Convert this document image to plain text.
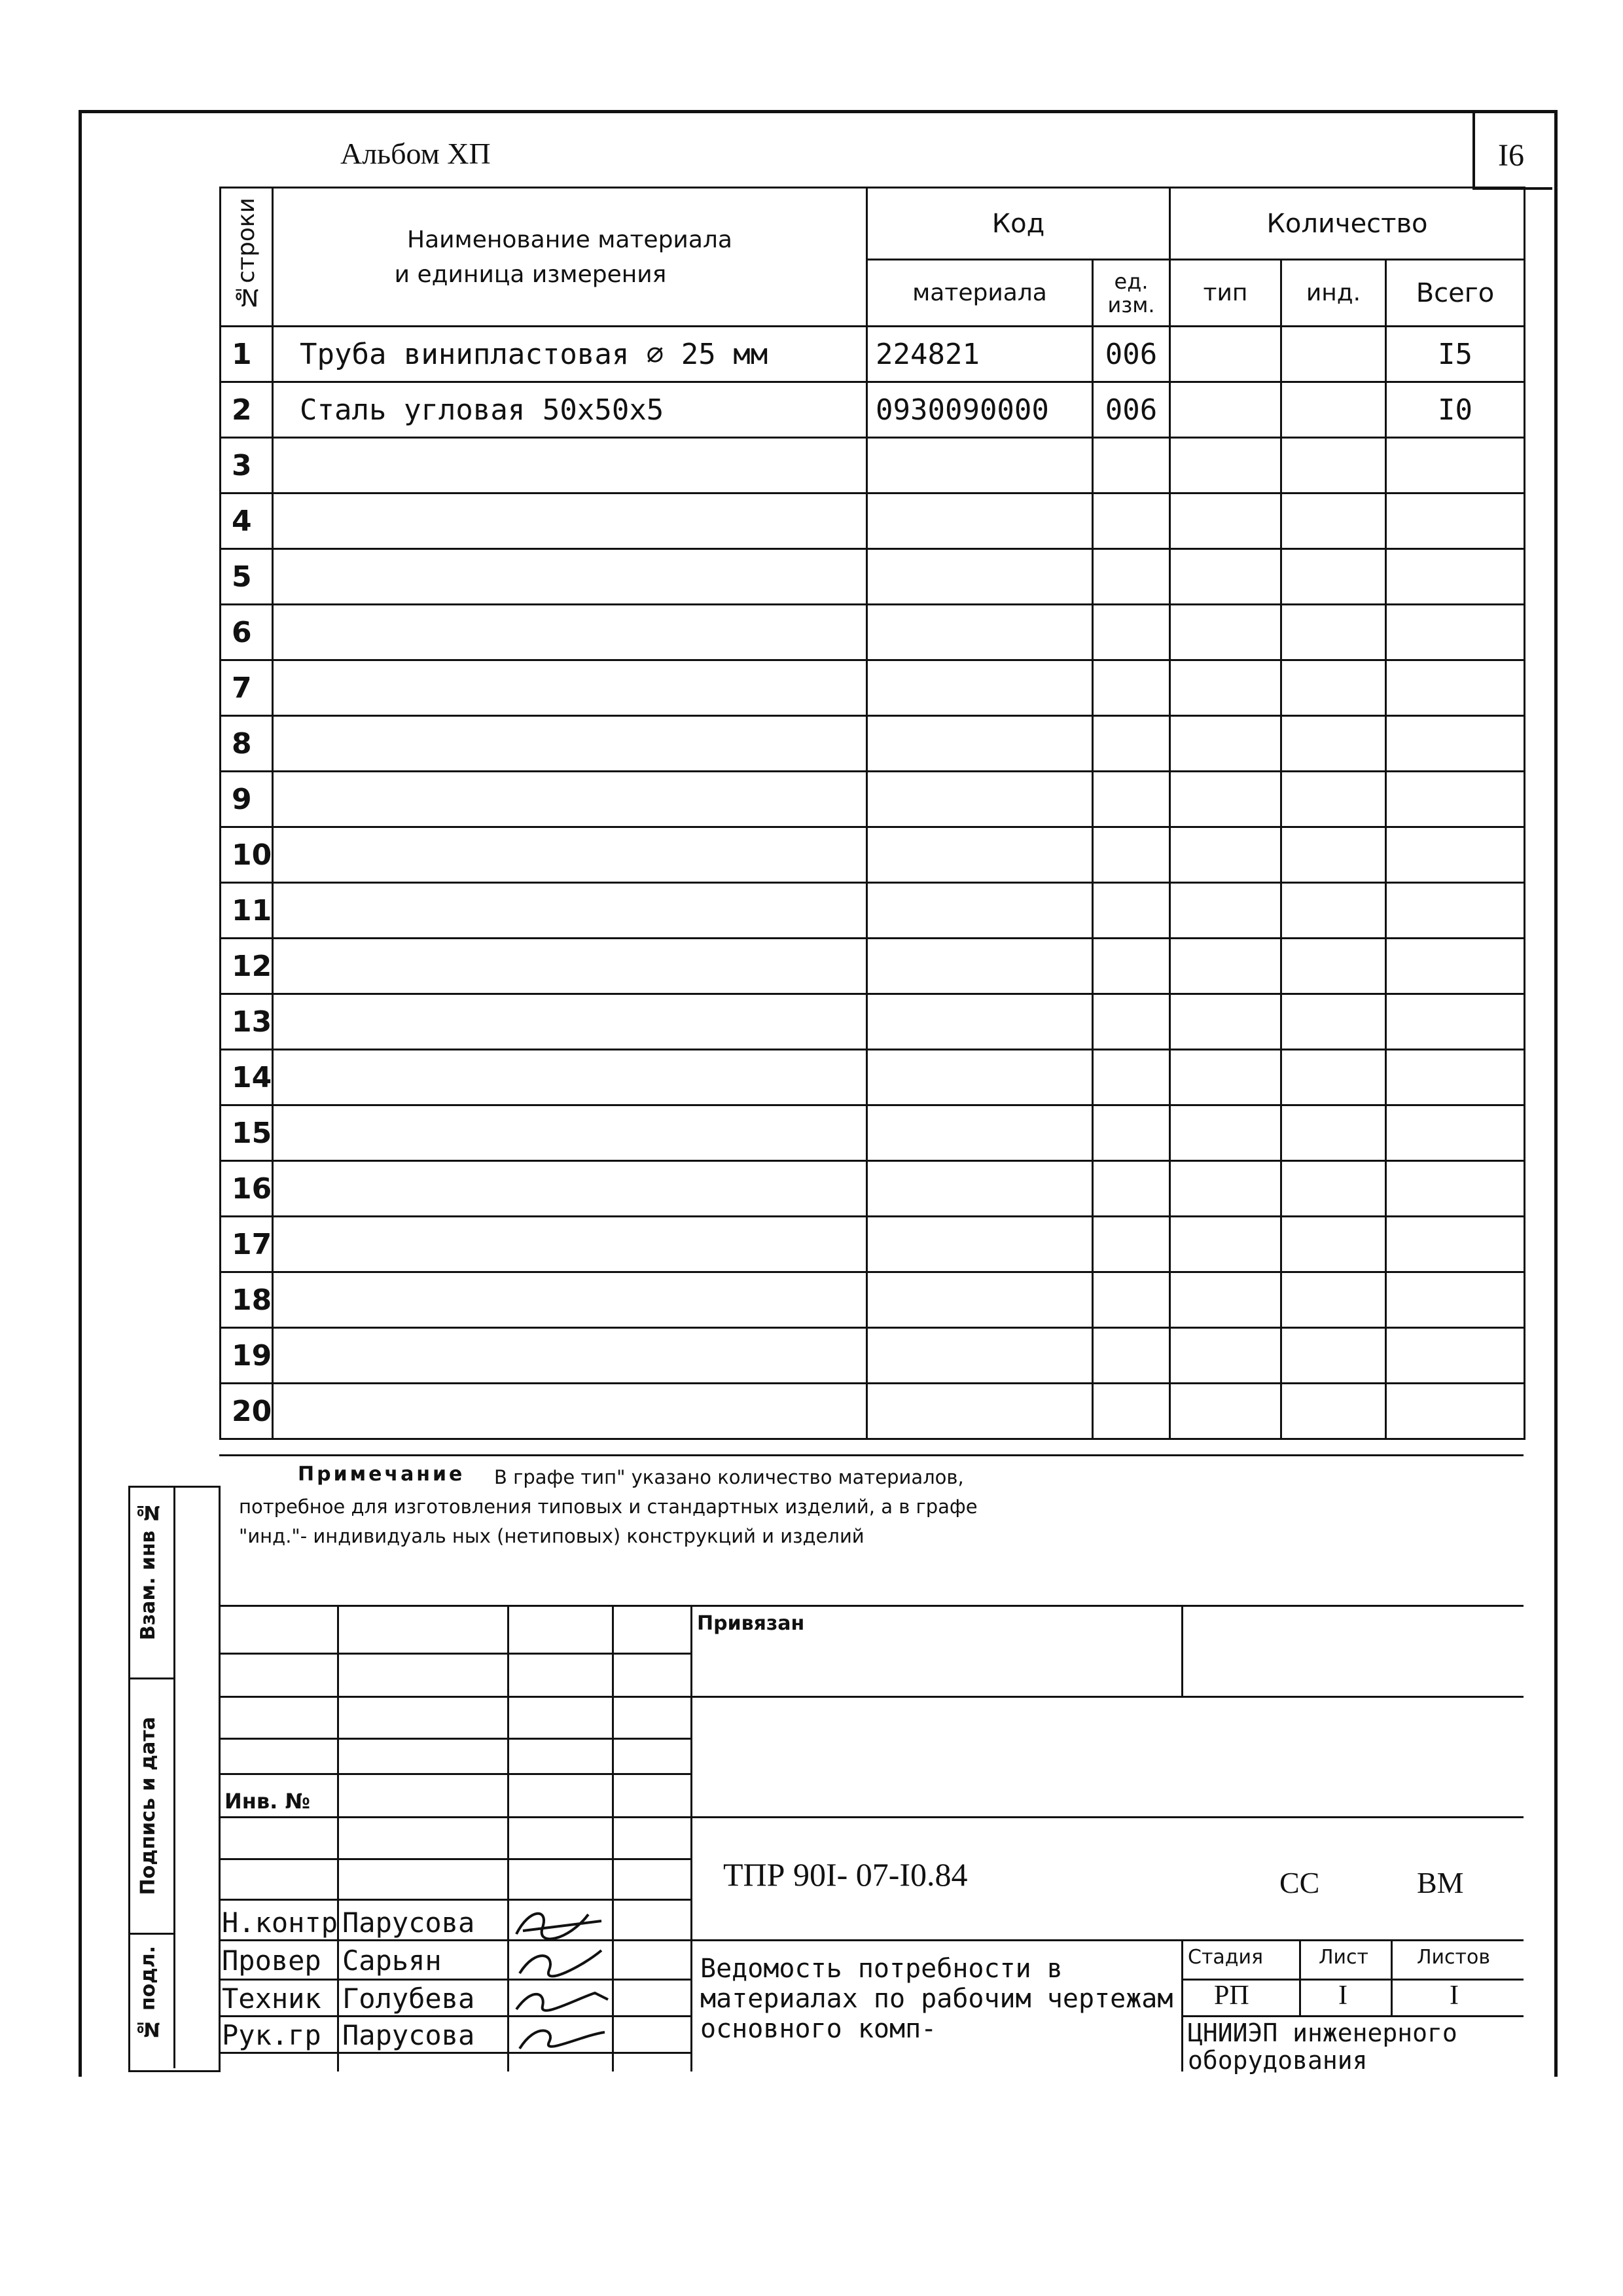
Альбом ХП	I6
№строки	Наименование материала
и единица измерения	Код		Количество		
		материала	ед. изм.	тип	инд.	Всего
1	Труба винипластовая ∅ 25 мм	224821	006			I5
2	Сталь угловая 50х50х5	0930090000	006			I0
3						
4						
5						
6						
7						
8						
9						
10						
11						
12						
13						
14						
15						
16						
17						
18						
19						
20						
В графе тип" указано количество материалов, потребное для изготовления типовых и стандартных изделий, а в графе "инд."- индивидуаль ных (нетиповых) конструкций и изделий
Примечание
Взам. инв №
Подпись и дата
№ подл.
Привязан
Инв. №
ТПР 90I- 07-I0.84	СС	ВМ
Н.контр Парусова
Провер Сарьян
Техник Голубева
Рук.гр Парусова
Ведомость потребности в материалах по рабочим чертежам основного комп-
Стадия	Лист Листов
РП	I	I
ЦНИИЭП инженерного оборудования
